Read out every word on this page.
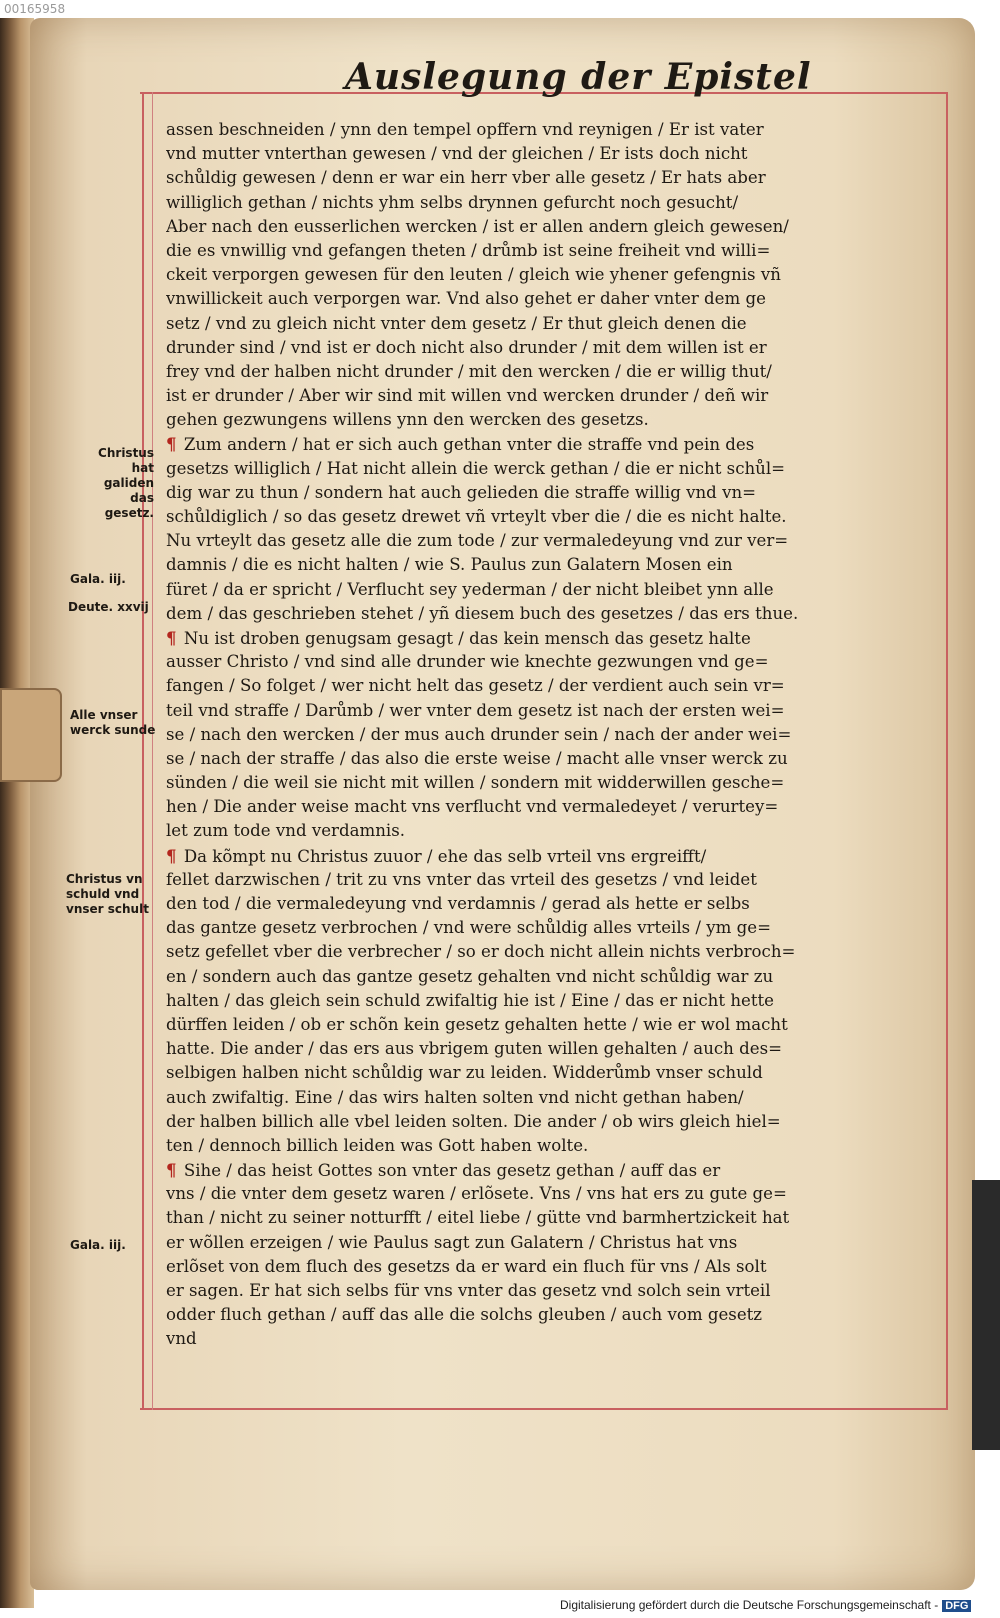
00165958
Auslegung der Epistel
assen beschneiden / ynn den tempel opffern vnd reynigen / Er ist vater
vnd mutter vnterthan gewesen / vnd der gleichen / Er ists doch nicht
schůldig gewesen / denn er war ein herr vber alle gesetz / Er hats aber
williglich gethan / nichts yhm selbs drynnen gefurcht noch gesucht/
Aber nach den eusserlichen wercken / ist er allen andern gleich gewesen/
die es vnwillig vnd gefangen theten / drůmb ist seine freiheit vnd willi=
ckeit verporgen gewesen für den leuten / gleich wie yhener gefengnis vñ
vnwillickeit auch verporgen war. Vnd also gehet er daher vnter dem ge
setz / vnd zu gleich nicht vnter dem gesetz / Er thut gleich denen die
drunder sind / vnd ist er doch nicht also drunder / mit dem willen ist er
frey vnd der halben nicht drunder / mit den wercken / die er willig thut/
ist er drunder / Aber wir sind mit willen vnd wercken drunder / deñ wir
gehen gezwungens willens ynn den wercken des gesetzs.
¶ Zum andern / hat er sich auch gethan vnter die straffe vnd pein des
gesetzs williglich / Hat nicht allein die werck gethan / die er nicht schůl=
dig war zu thun / sondern hat auch gelieden die straffe willig vnd vn=
schůldiglich / so das gesetz drewet vñ vrteylt vber die / die es nicht halte.
Nu vrteylt das gesetz alle die zum tode / zur vermaledeyung vnd zur ver=
damnis / die es nicht halten / wie S. Paulus zun Galatern Mosen ein
füret / da er spricht / Verflucht sey yederman / der nicht bleibet ynn alle
dem / das geschrieben stehet / yñ diesem buch des gesetzes / das ers thue.
¶ Nu ist droben genugsam gesagt / das kein mensch das gesetz halte
ausser Christo / vnd sind alle drunder wie knechte gezwungen vnd ge=
fangen / So folget / wer nicht helt das gesetz / der verdient auch sein vr=
teil vnd straffe / Darůmb / wer vnter dem gesetz ist nach der ersten wei=
se / nach den wercken / der mus auch drunder sein / nach der ander wei=
se / nach der straffe / das also die erste weise / macht alle vnser werck zu
sünden / die weil sie nicht mit willen / sondern mit widderwillen gesche=
hen / Die ander weise macht vns verflucht vnd vermaledeyet / verurtey=
let zum tode vnd verdamnis.
¶ Da kõmpt nu Christus zuuor / ehe das selb vrteil vns ergreifft/
fellet darzwischen / trit zu vns vnter das vrteil des gesetzs / vnd leidet
den tod / die vermaledeyung vnd verdamnis / gerad als hette er selbs
das gantze gesetz verbrochen / vnd were schůldig alles vrteils / ym ge=
setz gefellet vber die verbrecher / so er doch nicht allein nichts verbroch=
en / sondern auch das gantze gesetz gehalten vnd nicht schůldig war zu
halten / das gleich sein schuld zwifaltig hie ist / Eine / das er nicht hette
dürffen leiden / ob er schõn kein gesetz gehalten hette / wie er wol macht
hatte. Die ander / das ers aus vbrigem guten willen gehalten / auch des=
selbigen halben nicht schůldig war zu leiden. Widderůmb vnser schuld
auch zwifaltig. Eine / das wirs halten solten vnd nicht gethan haben/
der halben billich alle vbel leiden solten. Die ander / ob wirs gleich hiel=
ten / dennoch billich leiden was Gott haben wolte.
¶ Sihe / das heist Gottes son vnter das gesetz gethan / auff das er
vns / die vnter dem gesetz waren / erlõsete. Vns / vns hat ers zu gute ge=
than / nicht zu seiner notturfft / eitel liebe / gütte vnd barmhertzickeit hat
er wõllen erzeigen / wie Paulus sagt zun Galatern / Christus hat vns
erlõset von dem fluch des gesetzs da er ward ein fluch für vns / Als solt
er sagen. Er hat sich selbs für vns vnter das gesetz vnd solch sein vrteil
odder fluch gethan / auff das alle die solchs gleuben / auch vom gesetz
vnd
Christus hat galiden das gesetz.
Gala. iij.
Deute. xxvij
Alle vnser werck sunde
Christus vn schuld vnd vnser schult
Gala. iij.
Digitalisierung gefördert durch die Deutsche Forschungsgemeinschaft - DFG
